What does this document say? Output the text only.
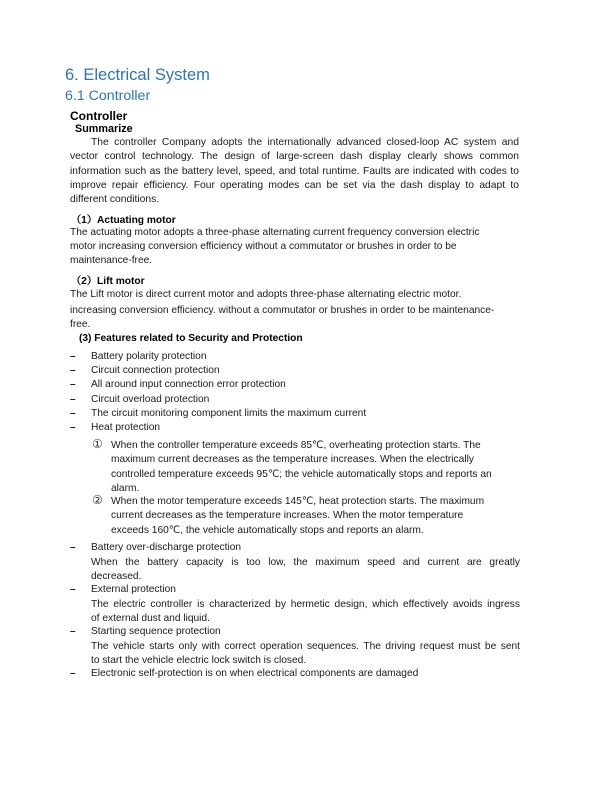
6. Electrical System
6.1 Controller
Controller
Summarize
The controller Company adopts the internationally advanced closed-loop AC system and
vector control technology. The design of large-screen dash display clearly shows common
information such as the battery level, speed, and total runtime. Faults are indicated with codes to
improve repair efficiency. Four operating modes can be set via the dash display to adapt to
different conditions.
（1）Actuating motor
The actuating motor adopts a three-phase alternating current frequency conversion electric
motor increasing conversion efficiency without a commutator or brushes in order to be
maintenance-free.
（2）Lift motor
The Lift motor is direct current motor and adopts three-phase alternating electric motor.
increasing conversion efficiency. without a commutator or brushes in order to be maintenance-
free.
(3) Features related to Security and Protection
– Battery polarity protection
– Circuit connection protection
– All around input connection error protection
– Circuit overload protection
– The circuit monitoring component limits the maximum current
– Heat protection
① When the controller temperature exceeds 85℃, overheating protection starts. The
maximum current decreases as the temperature increases. When the electrically
controlled temperature exceeds 95℃; the vehicle automatically stops and reports an
alarm.
② When the motor temperature exceeds 145℃, heat protection starts. The maximum
current decreases as the temperature increases. When the motor temperature
exceeds 160℃, the vehicle automatically stops and reports an alarm.
– Battery over-discharge protection
When the battery capacity is too low, the maximum speed and current are greatly
decreased.
– External protection
The electric controller is characterized by hermetic design, which effectively avoids ingress
of external dust and liquid.
– Starting sequence protection
The vehicle starts only with correct operation sequences. The driving request must be sent
to start the vehicle electric lock switch is closed.
– Electronic self-protection is on when electrical components are damaged
